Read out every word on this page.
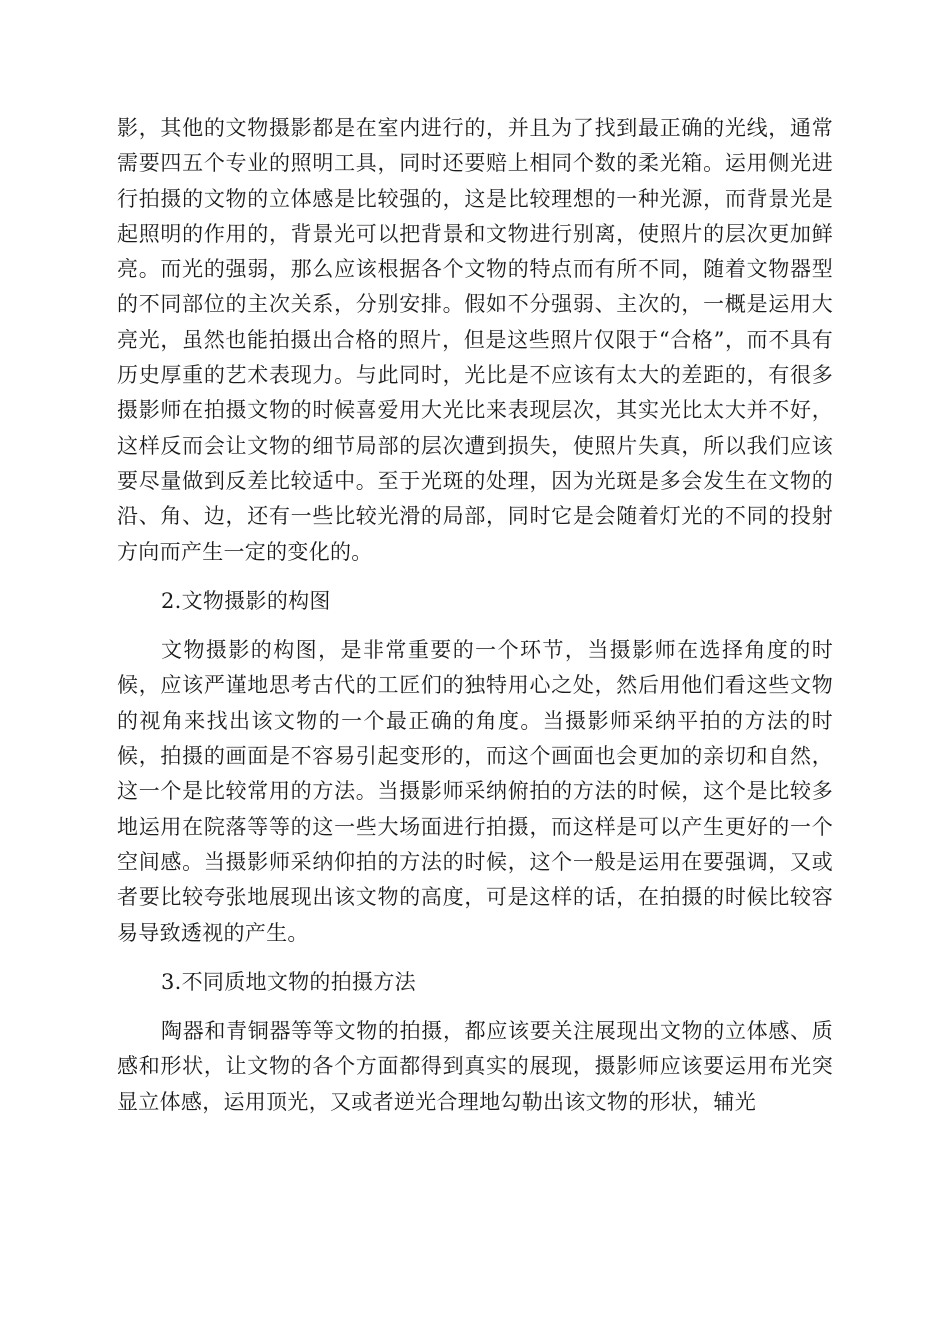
影，其他的文物摄影都是在室内进行的，并且为了找到最正确的光线，通常需要四五个专业的照明工具，同时还要赔上相同个数的柔光箱。运用侧光进行拍摄的文物的立体感是比较强的，这是比较理想的一种光源，而背景光是起照明的作用的，背景光可以把背景和文物进行别离，使照片的层次更加鲜亮。而光的强弱，那么应该根据各个文物的特点而有所不同，随着文物器型的不同部位的主次关系，分别安排。假如不分强弱、主次的，一概是运用大亮光，虽然也能拍摄出合格的照片，但是这些照片仅限于“合格”，而不具有历史厚重的艺术表现力。与此同时，光比是不应该有太大的差距的，有很多摄影师在拍摄文物的时候喜爱用大光比来表现层次，其实光比太大并不好，这样反而会让文物的细节局部的层次遭到损失，使照片失真，所以我们应该要尽量做到反差比较适中。至于光斑的处理，因为光斑是多会发生在文物的沿、角、边，还有一些比较光滑的局部，同时它是会随着灯光的不同的投射方向而产生一定的变化的。

2.文物摄影的构图

文物摄影的构图，是非常重要的一个环节，当摄影师在选择角度的时候，应该严谨地思考古代的工匠们的独特用心之处，然后用他们看这些文物的视角来找出该文物的一个最正确的角度。当摄影师采纳平拍的方法的时候，拍摄的画面是不容易引起变形的，而这个画面也会更加的亲切和自然，这一个是比较常用的方法。当摄影师采纳俯拍的方法的时候，这个是比较多地运用在院落等等的这一些大场面进行拍摄，而这样是可以产生更好的一个空间感。当摄影师采纳仰拍的方法的时候，这个一般是运用在要强调，又或者要比较夸张地展现出该文物的高度，可是这样的话，在拍摄的时候比较容易导致透视的产生。

3.不同质地文物的拍摄方法

陶器和青铜器等等文物的拍摄，都应该要关注展现出文物的立体感、质感和形状，让文物的各个方面都得到真实的展现，摄影师应该要运用布光突显立体感，运用顶光，又或者逆光合理地勾勒出该文物的形状，辅光
